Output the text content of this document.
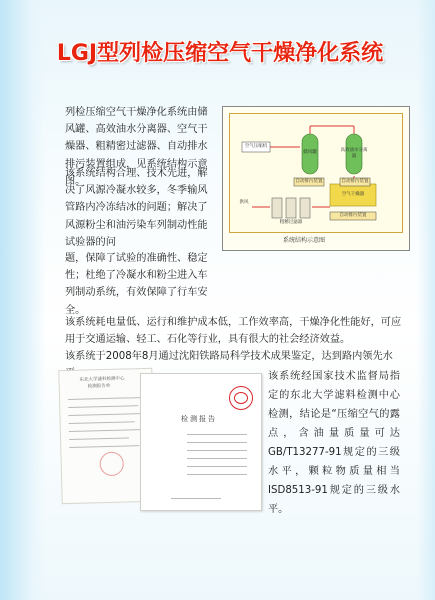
LGJ型列检压缩空气干燥净化系统

列检压缩空气干燥净化系统由储风罐、高效油水分离器、空气干燥器、粗精密过滤器、自动排水排污装置组成，见系统结构示意图。

该系统结构合理、技术先进，解决了风源冷凝水较多，冬季输风管路内冷冻结冰的问题；解决了风源粉尘和油污染车列制动性能试验器的问

题，保障了试验的准确性、稳定性；杜绝了冷凝水和粉尘进入车列制动系统，有效保障了行车安全。

该系统耗电量低、运行和维护成本低，工作效率高，干燥净化性能好，可应用于交通运输、轻工、石化等行业，具有很大的社会经济效益。

该系统于2008年8月通过沈阳铁路局科学技术成果鉴定，达到路内领先水

该系统经国家技术监督局指定的东北大学滤料检测中心检测，结论是“压缩空气的露点，含油量质量可达GB/T13277-91规定的三级水平，颗粒物质量相当ISD8513-91规定的三级水平。

空气压缩机
储风罐	高效油水分离器
自动排污装置	自动排污装置
粗精过滤器
空气干燥器
自动排污装置
供风
系统结构示意图
东北大学滤料检测中心
检测报告单
检测报告
